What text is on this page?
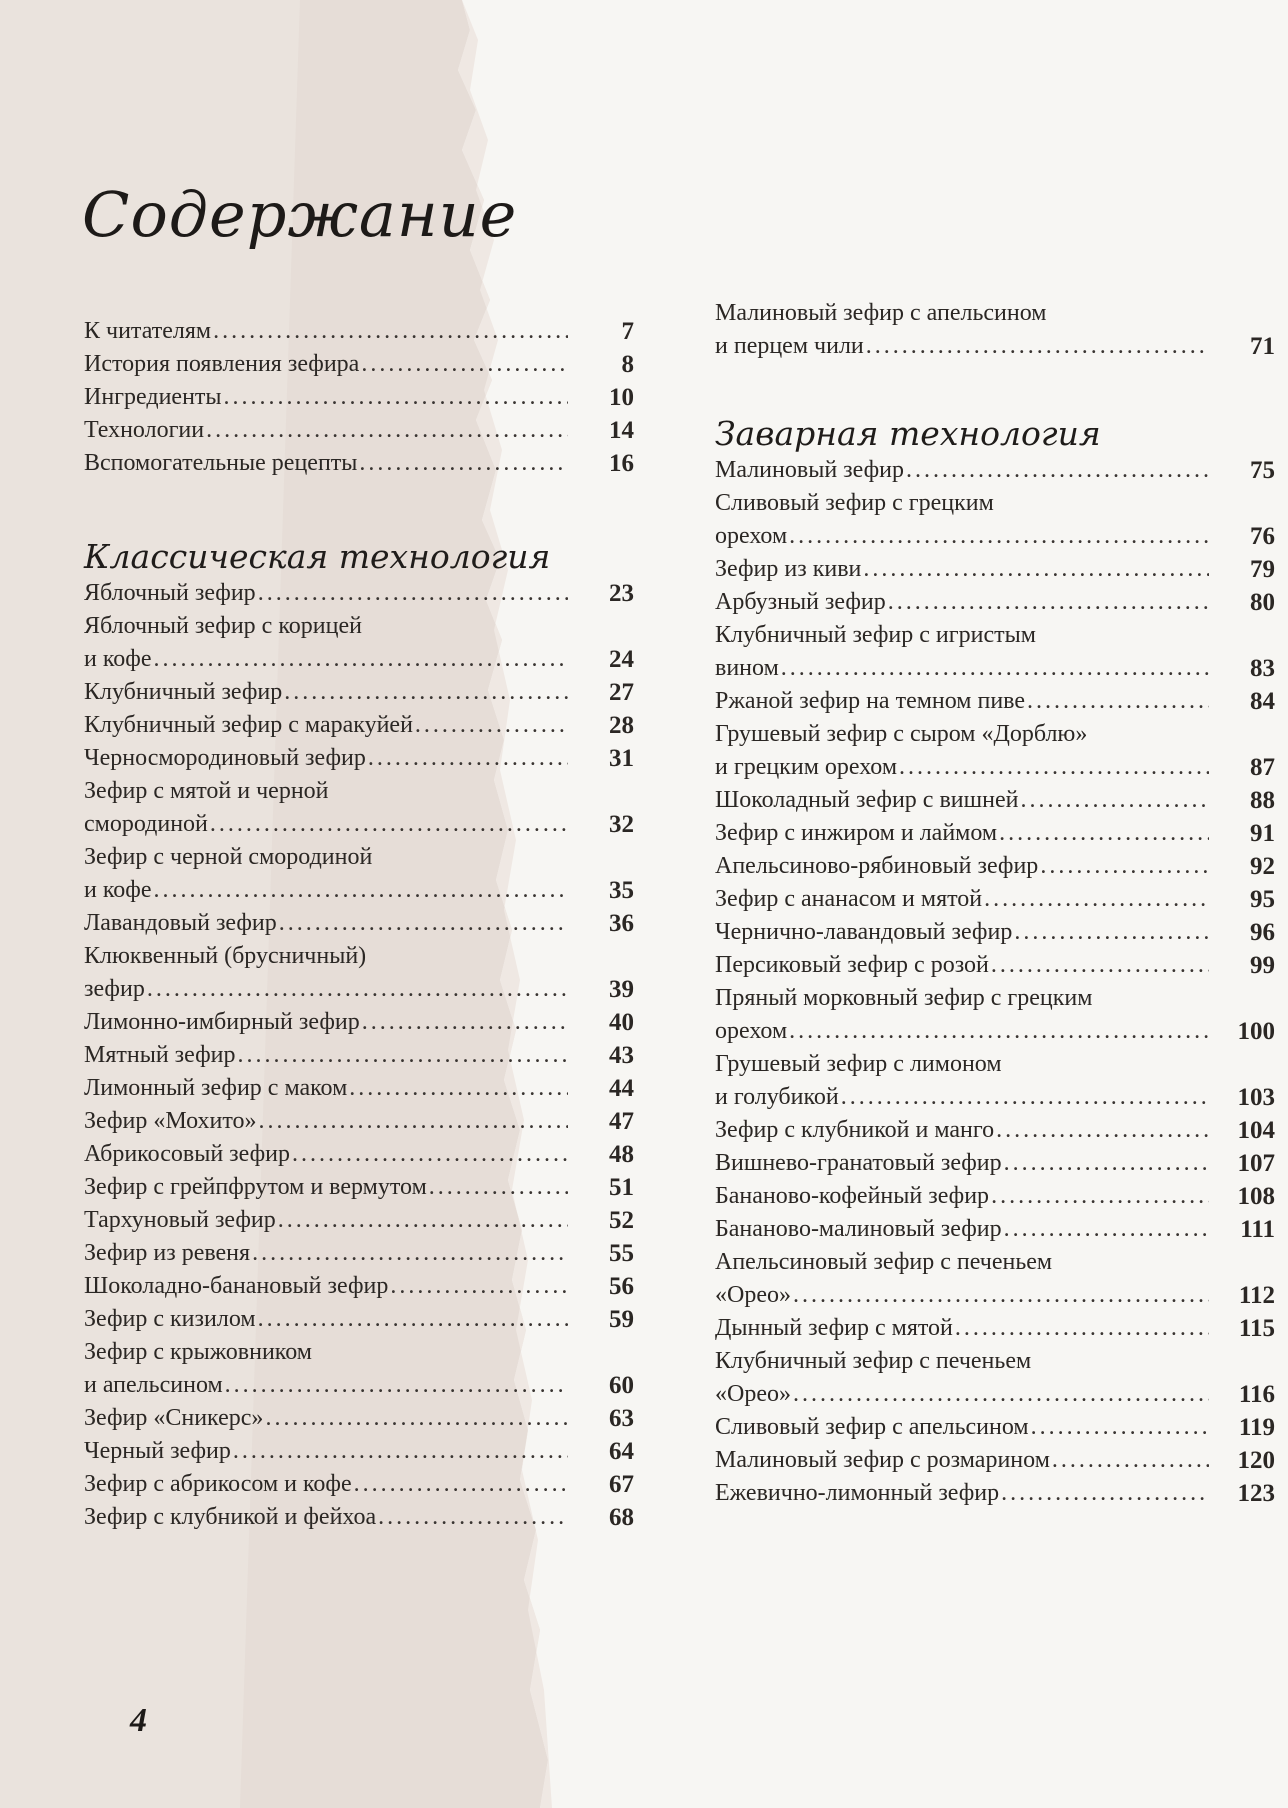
Содержание
К читателям .....	7
История появления зефира .....	8
Ингредиенты .....	10
Технологии .....	14
Вспомогательные рецепты .....	16
Классическая технология
Яблочный зефир .....	23
Яблочный зефир с корицей
и кофе .....	24
Клубничный зефир .....	27
Клубничный зефир с маракуйей .....	28
Черносмородиновый зефир .....	31
Зефир с мятой и черной
смородиной .....	32
Зефир с черной смородиной
и кофе .....	35
Лавандовый зефир .....	36
Клюквенный (брусничный)
зефир .....	39
Лимонно-имбирный зефир .....	40
Мятный зефир .....	43
Лимонный зефир с маком .....	44
Зефир «Мохито» .....	47
Абрикосовый зефир .....	48
Зефир с грейпфрутом и вермутом .....	51
Тархуновый зефир .....	52
Зефир из ревеня .....	55
Шоколадно-банановый зефир .....	56
Зефир с кизилом .....	59
Зефир с крыжовником
и апельсином .....	60
Зефир «Сникерс» .....	63
Черный зефир .....	64
Зефир с абрикосом и кофе .....	67
Зефир с клубникой и фейхоа .....	68
Малиновый зефир с апельсином
и перцем чили .....	71
Заварная технология
Малиновый зефир .....	75
Сливовый зефир с грецким
орехом .....	76
Зефир из киви .....	79
Арбузный зефир .....	80
Клубничный зефир с игристым
вином .....	83
Ржаной зефир на темном пиве .....	84
Грушевый зефир с сыром «Дорблю»
и грецким орехом .....	87
Шоколадный зефир с вишней .....	88
Зефир с инжиром и лаймом .....	91
Апельсиново-рябиновый зефир .....	92
Зефир с ананасом и мятой .....	95
Чернично-лавандовый зефир .....	96
Персиковый зефир с розой .....	99
Пряный морковный зефир с грецким
орехом .....	100
Грушевый зефир с лимоном
и голубикой .....	103
Зефир с клубникой и манго .....	104
Вишнево-гранатовый зефир .....	107
Бананово-кофейный зефир .....	108
Бананово-малиновый зефир .....	111
Апельсиновый зефир с печеньем
«Орео» .....	112
Дынный зефир с мятой .....	115
Клубничный зефир с печеньем
«Орео» .....	116
Сливовый зефир с апельсином .....	119
Малиновый зефир с розмарином .....	120
Ежевично-лимонный зефир .....	123
4
